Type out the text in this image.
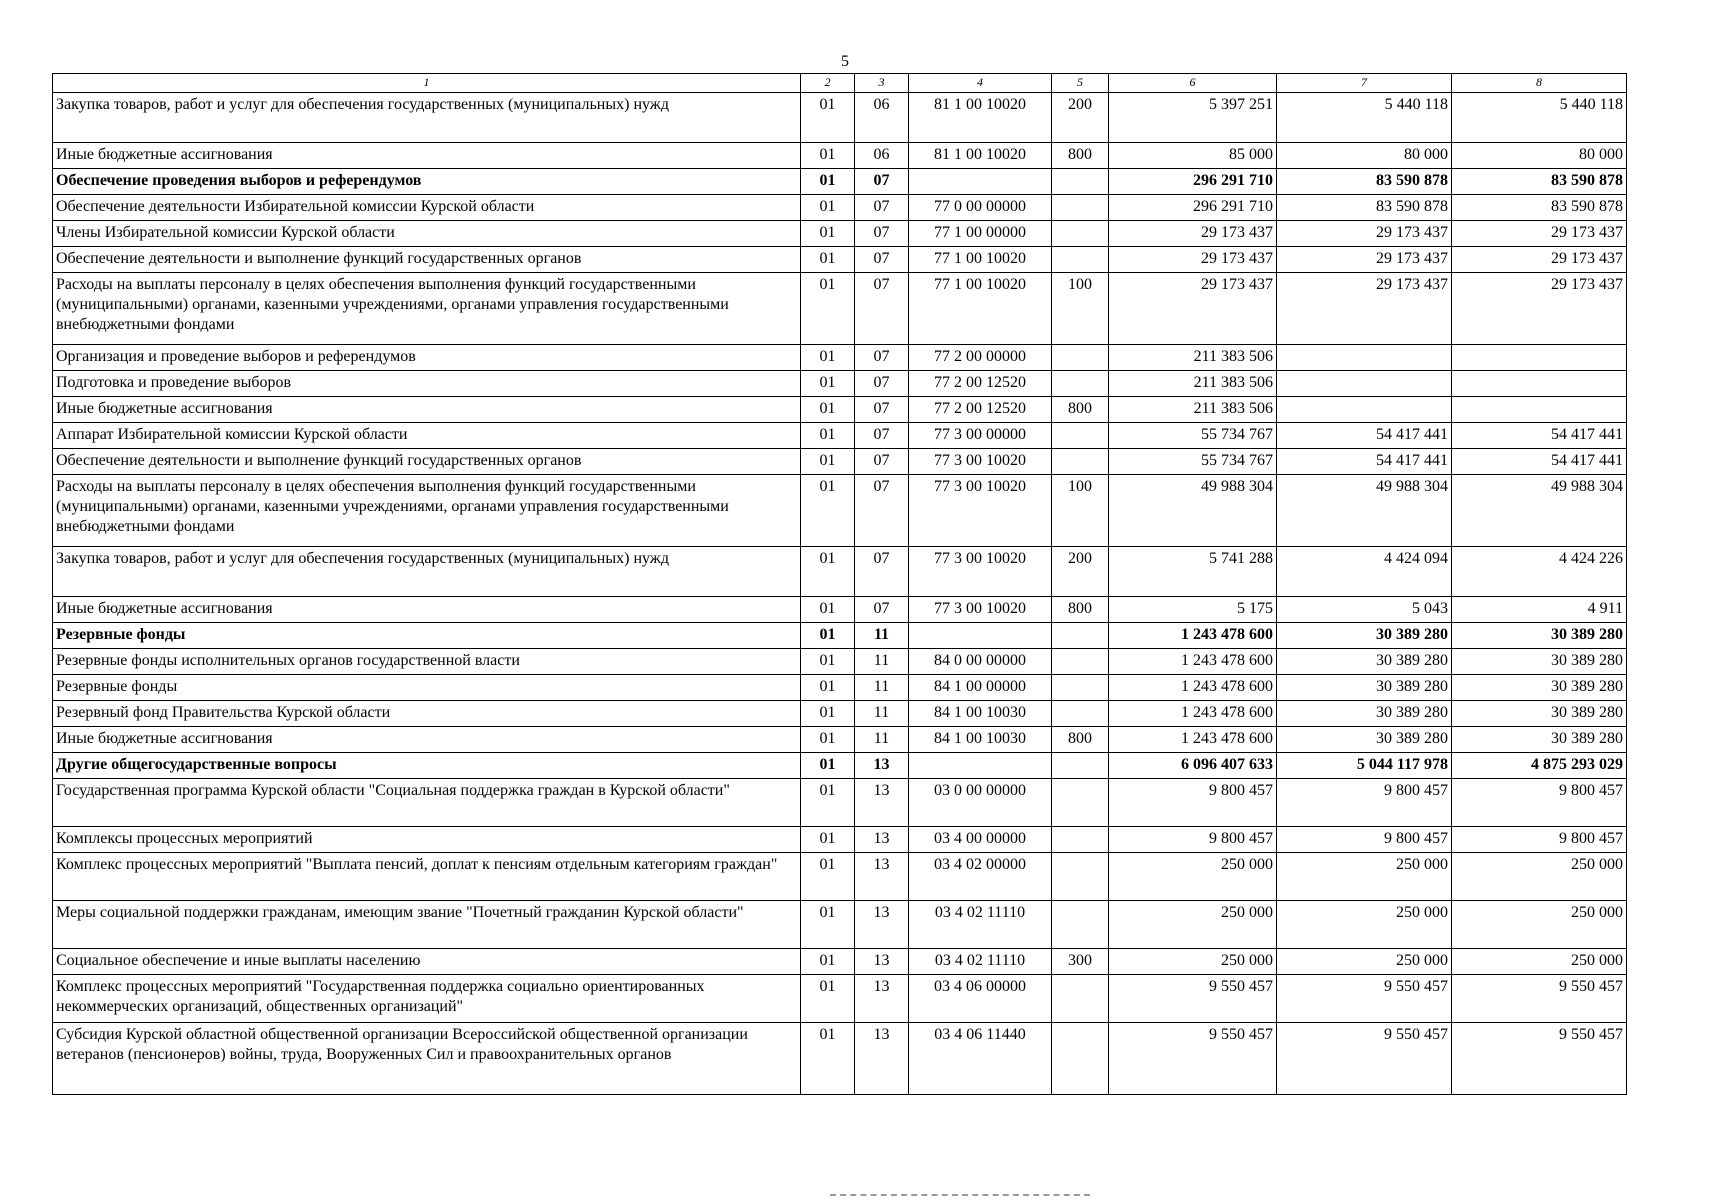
5
1	2	3	4	5	6	7	8
Закупка товаров, работ и услуг для обеспечения государственных (муниципальных) нужд	01	06	81 1 00 10020	200	5 397 251	5 440 118	5 440 118
Иные бюджетные ассигнования	01	06	81 1 00 10020	800	85 000	80 000	80 000
Обеспечение проведения выборов и референдумов	01	07			296 291 710	83 590 878	83 590 878
Обеспечение деятельности Избирательной комиссии Курской области	01	07	77 0 00 00000		296 291 710	83 590 878	83 590 878
Члены Избирательной комиссии Курской области	01	07	77 1 00 00000		29 173 437	29 173 437	29 173 437
Обеспечение деятельности и выполнение функций государственных органов	01	07	77 1 00 10020		29 173 437	29 173 437	29 173 437
Расходы на выплаты персоналу в целях обеспечения выполнения функций государственными (муниципальными) органами, казенными учреждениями, органами управления государственными внебюджетными фондами	01	07	77 1 00 10020	100	29 173 437	29 173 437	29 173 437
Организация и проведение выборов и референдумов	01	07	77 2 00 00000		211 383 506		
Подготовка и проведение выборов	01	07	77 2 00 12520		211 383 506		
Иные бюджетные ассигнования	01	07	77 2 00 12520	800	211 383 506		
Аппарат Избирательной комиссии Курской области	01	07	77 3 00 00000		55 734 767	54 417 441	54 417 441
Обеспечение деятельности и выполнение функций государственных органов	01	07	77 3 00 10020		55 734 767	54 417 441	54 417 441
Расходы на выплаты персоналу в целях обеспечения выполнения функций государственными (муниципальными) органами, казенными учреждениями, органами управления государственными внебюджетными фондами	01	07	77 3 00 10020	100	49 988 304	49 988 304	49 988 304
Закупка товаров, работ и услуг для обеспечения государственных (муниципальных) нужд	01	07	77 3 00 10020	200	5 741 288	4 424 094	4 424 226
Иные бюджетные ассигнования	01	07	77 3 00 10020	800	5 175	5 043	4 911
Резервные фонды	01	11			1 243 478 600	30 389 280	30 389 280
Резервные фонды исполнительных органов государственной власти	01	11	84 0 00 00000		1 243 478 600	30 389 280	30 389 280
Резервные фонды	01	11	84 1 00 00000		1 243 478 600	30 389 280	30 389 280
Резервный фонд Правительства Курской области	01	11	84 1 00 10030		1 243 478 600	30 389 280	30 389 280
Иные бюджетные ассигнования	01	11	84 1 00 10030	800	1 243 478 600	30 389 280	30 389 280
Другие общегосударственные вопросы	01	13			6 096 407 633	5 044 117 978	4 875 293 029
Государственная программа Курской области "Социальная поддержка граждан в Курской области"	01	13	03 0 00 00000		9 800 457	9 800 457	9 800 457
Комплексы процессных мероприятий	01	13	03 4 00 00000		9 800 457	9 800 457	9 800 457
Комплекс процессных мероприятий "Выплата пенсий, доплат к пенсиям отдельным категориям граждан"	01	13	03 4 02 00000		250 000	250 000	250 000
Меры социальной поддержки гражданам, имеющим звание "Почетный гражданин Курской области"	01	13	03 4 02 11110		250 000	250 000	250 000
Социальное обеспечение и иные выплаты населению	01	13	03 4 02 11110	300	250 000	250 000	250 000
Комплекс процессных мероприятий "Государственная поддержка социально ориентированных некоммерческих организаций, общественных организаций"	01	13	03 4 06 00000		9 550 457	9 550 457	9 550 457
Субсидия Курской областной общественной организации Всероссийской общественной организации ветеранов (пенсионеров) войны, труда, Вооруженных Сил и правоохранительных органов	01	13	03 4 06 11440		9 550 457	9 550 457	9 550 457
